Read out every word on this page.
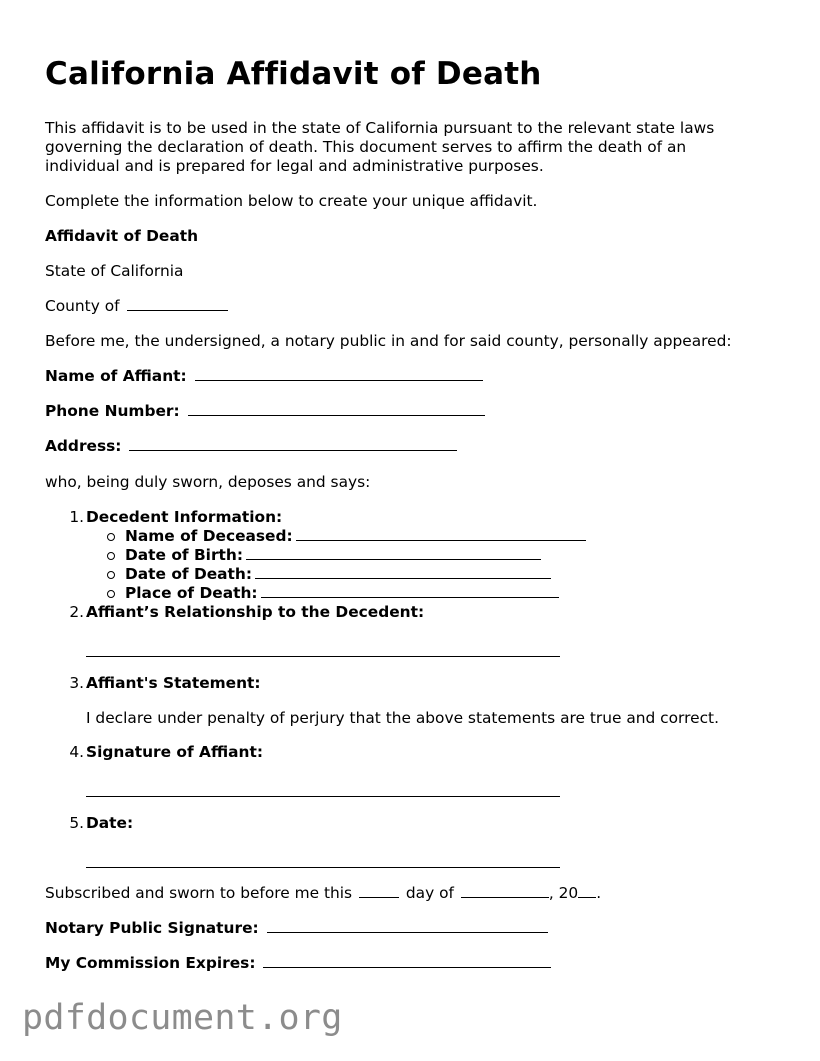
California Affidavit of Death

This affidavit is to be used in the state of California pursuant to the relevant state laws governing the declaration of death. This document serves to affirm the death of an individual and is prepared for legal and administrative purposes.

Complete the information below to create your unique affidavit.

Affidavit of Death

State of California

County of

Before me, the undersigned, a notary public in and for said county, personally appeared:

Name of Affiant:

Phone Number:

Address:

who, being duly sworn, deposes and says:

1. Decedent Information:
Name of Deceased:
Date of Birth:
Date of Death:
Place of Death:
2. Affiant’s Relationship to the Decedent:
3. Affiant's Statement:
I declare under penalty of perjury that the above statements are true and correct.
4. Signature of Affiant:
5. Date:

Subscribed and sworn to before me this	day of	, 20 .

Notary Public Signature:

My Commission Expires:

pdfdocument.org
